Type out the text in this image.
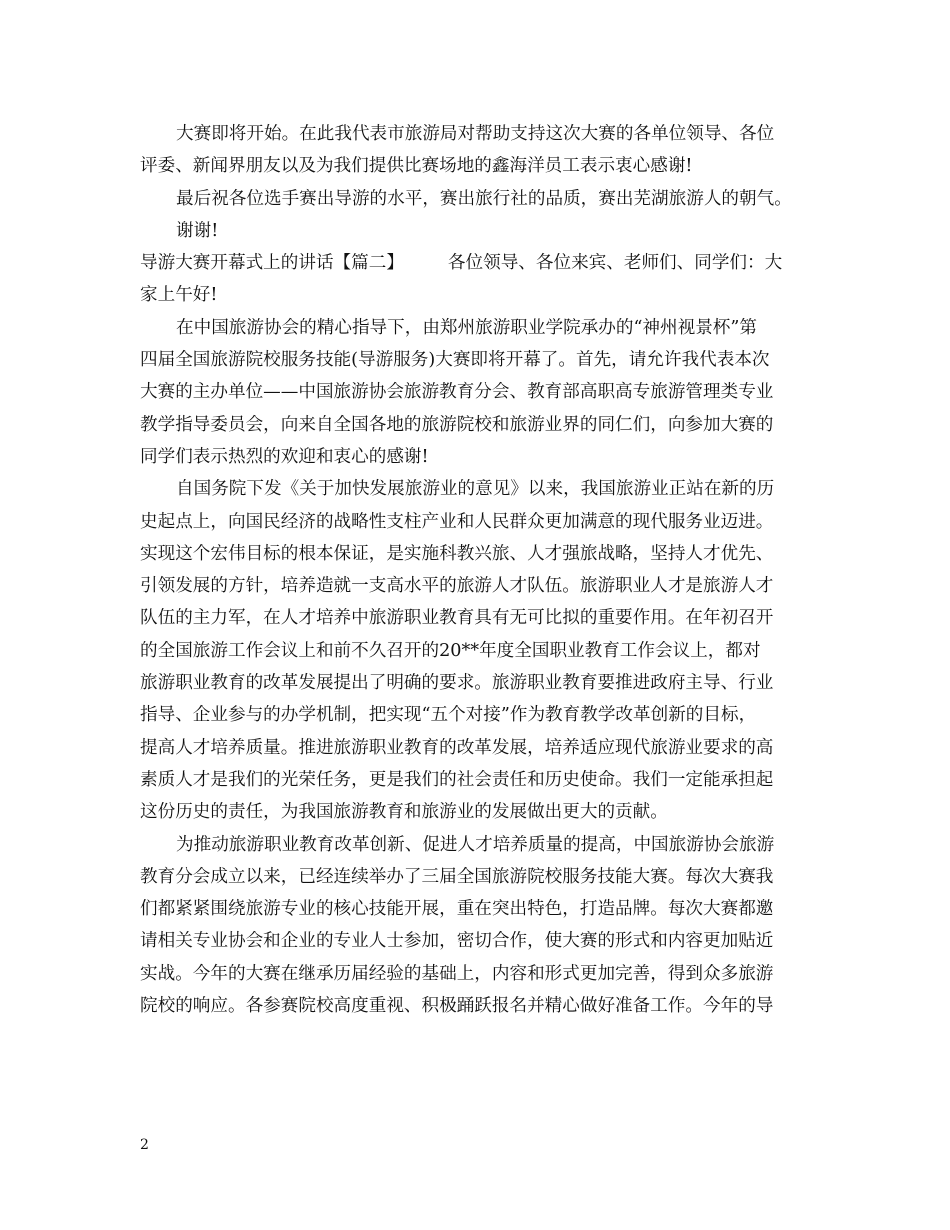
大赛即将开始。在此我代表市旅游局对帮助支持这次大赛的各单位领导、各位
评委、新闻界朋友以及为我们提供比赛场地的鑫海洋员工表示衷心感谢!

最后祝各位选手赛出导游的水平，赛出旅行社的品质，赛出芜湖旅游人的朝气。

谢谢!

导游大赛开幕式上的讲话【篇二】	各位领导、各位来宾、老师们、同学们：大
家上午好!

在中国旅游协会的精心指导下，由郑州旅游职业学院承办的“神州视景杯”第
四届全国旅游院校服务技能(导游服务)大赛即将开幕了。首先，请允许我代表本次
大赛的主办单位——中国旅游协会旅游教育分会、教育部高职高专旅游管理类专业
教学指导委员会，向来自全国各地的旅游院校和旅游业界的同仁们，向参加大赛的
同学们表示热烈的欢迎和衷心的感谢!

自国务院下发《关于加快发展旅游业的意见》以来，我国旅游业正站在新的历
史起点上，向国民经济的战略性支柱产业和人民群众更加满意的现代服务业迈进。
实现这个宏伟目标的根本保证，是实施科教兴旅、人才强旅战略，坚持人才优先、
引领发展的方针，培养造就一支高水平的旅游人才队伍。旅游职业人才是旅游人才
队伍的主力军，在人才培养中旅游职业教育具有无可比拟的重要作用。在年初召开
的全国旅游工作会议上和前不久召开的20**年度全国职业教育工作会议上，都对
旅游职业教育的改革发展提出了明确的要求。旅游职业教育要推进政府主导、行业
指导、企业参与的办学机制，把实现“五个对接”作为教育教学改革创新的目标，
提高人才培养质量。推进旅游职业教育的改革发展，培养适应现代旅游业要求的高
素质人才是我们的光荣任务，更是我们的社会责任和历史使命。我们一定能承担起
这份历史的责任，为我国旅游教育和旅游业的发展做出更大的贡献。

为推动旅游职业教育改革创新、促进人才培养质量的提高，中国旅游协会旅游
教育分会成立以来，已经连续举办了三届全国旅游院校服务技能大赛。每次大赛我
们都紧紧围绕旅游专业的核心技能开展，重在突出特色，打造品牌。每次大赛都邀
请相关专业协会和企业的专业人士参加，密切合作，使大赛的形式和内容更加贴近
实战。今年的大赛在继承历届经验的基础上，内容和形式更加完善，得到众多旅游
院校的响应。各参赛院校高度重视、积极踊跃报名并精心做好准备工作。今年的导

2
